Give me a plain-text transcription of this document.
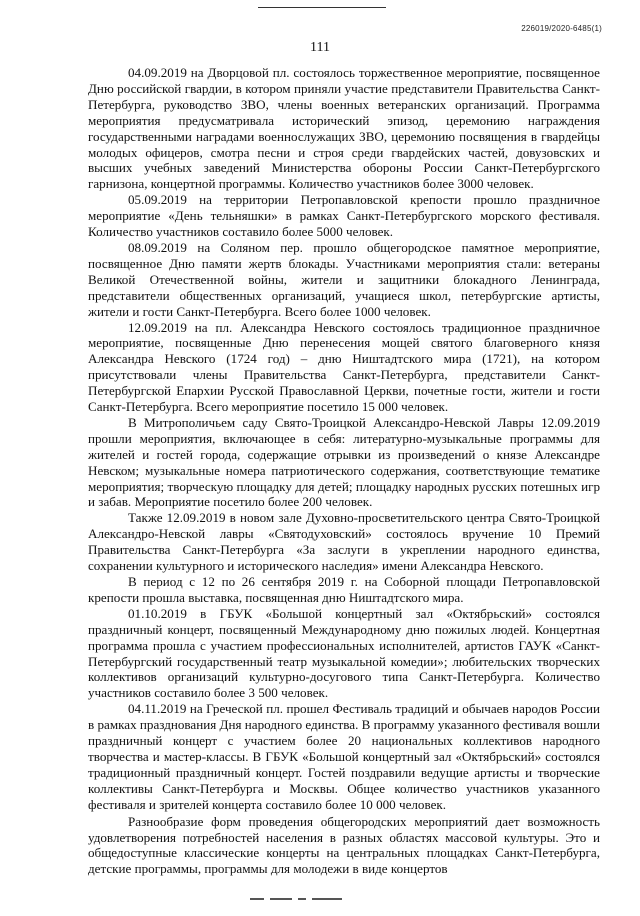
226019/2020-6485(1)
111

04.09.2019 на Дворцовой пл. состоялось торжественное мероприятие, посвященное Дню российской гвардии, в котором приняли участие представители Правительства Санкт-Петербурга, руководство ЗВО, члены военных ветеранских организаций. Программа мероприятия предусматривала исторический эпизод, церемонию награждения государственными наградами военнослужащих ЗВО, церемонию посвящения в гвардейцы молодых офицеров, смотра песни и строя среди гвардейских частей, довузовских и высших учебных заведений Министерства обороны России Санкт-Петербургского гарнизона, концертной программы. Количество участников более 3000 человек.

05.09.2019 на территории Петропавловской крепости прошло праздничное мероприятие «День тельняшки» в рамках Санкт-Петербургского морского фестиваля. Количество участников составило более 5000 человек.

08.09.2019 на Соляном пер. прошло общегородское памятное мероприятие, посвященное Дню памяти жертв блокады. Участниками мероприятия стали: ветераны Великой Отечественной войны, жители и защитники блокадного Ленинграда, представители общественных организаций, учащиеся школ, петербургские артисты, жители и гости Санкт-Петербурга. Всего более 1000 человек.

12.09.2019 на пл. Александра Невского состоялось традиционное праздничное мероприятие, посвященные Дню перенесения мощей святого благоверного князя Александра Невского (1724 год) – дню Ништадтского мира (1721), на котором присутствовали члены Правительства Санкт-Петербурга, представители Санкт-Петербургской Епархии Русской Православной Церкви, почетные гости, жители и гости Санкт-Петербурга. Всего мероприятие посетило 15 000 человек.

В Митрополичьем саду Свято-Троицкой Александро-Невской Лавры 12.09.2019 прошли мероприятия, включающее в себя: литературно-музыкальные программы для жителей и гостей города, содержащие отрывки из произведений о князе Александре Невском; музыкальные номера патриотического содержания, соответствующие тематике мероприятия; творческую площадку для детей; площадку народных русских потешных игр и забав. Мероприятие посетило более 200 человек.

Также 12.09.2019 в новом зале Духовно-просветительского центра Свято-Троицкой Александро-Невской лавры «Святодуховский» состоялось вручение 10 Премий Правительства Санкт-Петербурга «За заслуги в укреплении народного единства, сохранении культурного и исторического наследия» имени Александра Невского.

В период с 12 по 26 сентября 2019 г. на Соборной площади Петропавловской крепости прошла выставка, посвященная дню Ништадтского мира.

01.10.2019 в ГБУК «Большой концертный зал «Октябрьский» состоялся праздничный концерт, посвященный Международному дню пожилых людей. Концертная программа прошла с участием профессиональных исполнителей, артистов ГАУК «Санкт-Петербургский государственный театр музыкальной комедии»; любительских творческих коллективов организаций культурно-досугового типа Санкт-Петербурга. Количество участников составило более 3 500 человек.

04.11.2019 на Греческой пл. прошел Фестиваль традиций и обычаев народов России в рамках празднования Дня народного единства. В программу указанного фестиваля вошли праздничный концерт с участием более 20 национальных коллективов народного творчества и мастер-классы. В ГБУК «Большой концертный зал «Октябрьский» состоялся традиционный праздничный концерт. Гостей поздравили ведущие артисты и творческие коллективы Санкт-Петербурга и Москвы. Общее количество участников указанного фестиваля и зрителей концерта составило более 10 000 человек.

Разнообразие форм проведения общегородских мероприятий дает возможность удовлетворения потребностей населения в разных областях массовой культуры. Это и общедоступные классические концерты на центральных площадках Санкт-Петербурга, детские программы, программы для молодежи в виде концертов
